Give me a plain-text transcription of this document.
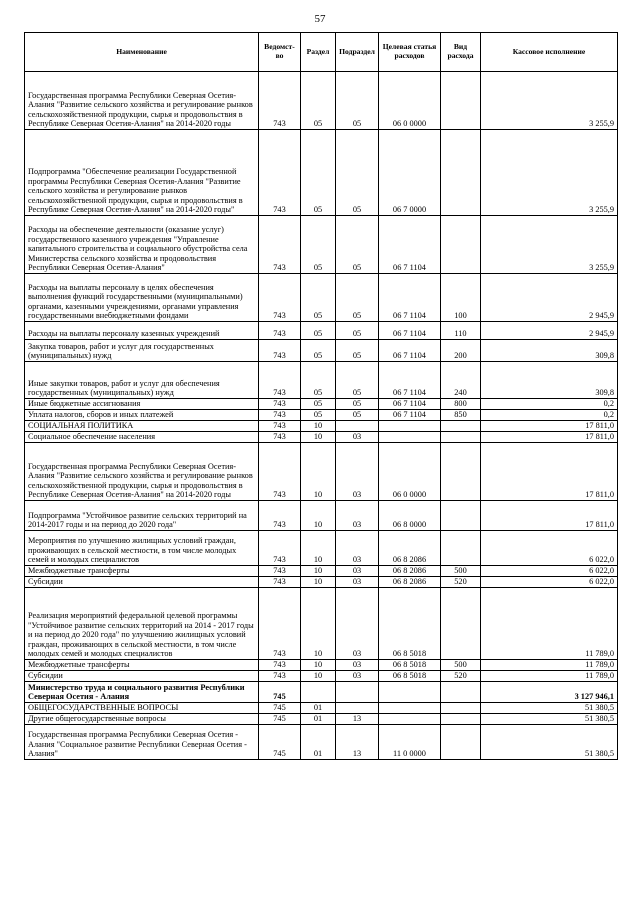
57
Наименование	Ведомст-во	Раздел	Подраздел	Целевая статья расходов	Вид расхода	Кассовое исполнение
Государственная программа Республики Северная Осетия-Алания "Развитие сельского хозяйства и регулирование рынков сельскохозяйственной продукции, сырья и продовольствия в Республике Северная Осетия-Алания" на 2014-2020 годы	743	05	05	06 0 0000		3 255,9
Подпрограмма "Обеспечение реализации Государственной программы Республики Северная Осетия-Алания "Развитие сельского хозяйства и регулирование рынков сельскохозяйственной продукции, сырья и продовольствия в Республике Северная Осетия-Алания" на 2014-2020 годы"	743	05	05	06 7 0000		3 255,9
Расходы на обеспечение деятельности (оказание услуг) государственного казенного учреждения "Управление капитального строительства и социального обустройства села Министерства сельского хозяйства и продовольствия Республики Северная Осетия-Алания"	743	05	05	06 7 1104		3 255,9
Расходы на выплаты персоналу в целях обеспечения выполнения функций государственными (муниципальными) органами, казенными учреждениями, органами управления государственными внебюджетными фондами	743	05	05	06 7 1104	100	2 945,9
Расходы на выплаты персоналу казенных учреждений	743	05	05	06 7 1104	110	2 945,9
Закупка товаров, работ и услуг для государственных (муниципальных) нужд	743	05	05	06 7 1104	200	309,8
Иные закупки товаров, работ и услуг для обеспечения государственных (муниципальных) нужд	743	05	05	06 7 1104	240	309,8
Иные бюджетные ассигнования	743	05	05	06 7 1104	800	0,2
Уплата налогов, сборов и иных платежей	743	05	05	06 7 1104	850	0,2
СОЦИАЛЬНАЯ ПОЛИТИКА	743	10				17 811,0
Социальное обеспечение населения	743	10	03			17 811,0
Государственная программа Республики Северная Осетия-Алания "Развитие сельского хозяйства и регулирование рынков сельскохозяйственной продукции, сырья и продовольствия в Республике Северная Осетия-Алания" на 2014-2020 годы	743	10	03	06 0 0000		17 811,0
Подпрограмма "Устойчивое развитие сельских территорий на 2014-2017 годы и на период до 2020 года"	743	10	03	06 8 0000		17 811,0
Мероприятия по улучшению жилищных условий граждан, проживающих в сельской местности, в том числе молодых семей и молодых специалистов	743	10	03	06 8 2086		6 022,0
Межбюджетные трансферты	743	10	03	06 8 2086	500	6 022,0
Субсидии	743	10	03	06 8 2086	520	6 022,0
Реализация мероприятий федеральной целевой программы "Устойчивое развитие сельских территорий на 2014 - 2017 годы и на период до 2020 года" по улучшению жилищных условий граждан, проживающих в сельской местности, в том числе молодых семей и молодых специалистов	743	10	03	06 8 5018		11 789,0
Межбюджетные трансферты	743	10	03	06 8 5018	500	11 789,0
Субсидии	743	10	03	06 8 5018	520	11 789,0
Министерство труда и социального развития Республики Северная Осетия - Алания	745					3 127 946,1
ОБЩЕГОСУДАРСТВЕННЫЕ ВОПРОСЫ	745	01				51 380,5
Другие общегосударственные вопросы	745	01	13			51 380,5
Государственная программа Республики Северная Осетия - Алания "Социальное развитие Республики Северная Осетия - Алания"	745	01	13	11 0 0000		51 380,5
